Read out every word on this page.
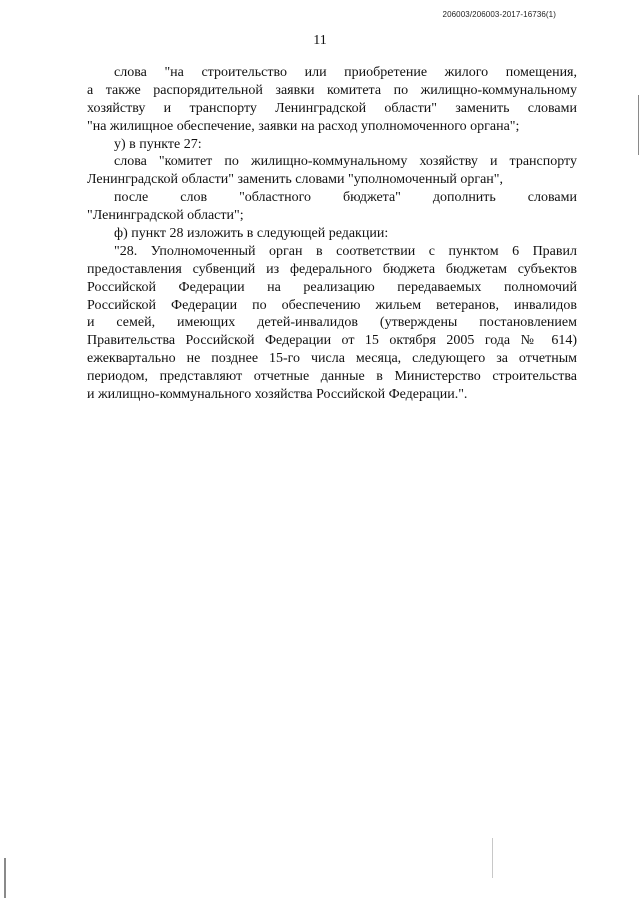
206003/206003-2017-16736(1)
11
слова "на строительство или приобретение жилого помещения,
а также распорядительной заявки комитета по жилищно-коммунальному
хозяйству и транспорту Ленинградской области" заменить словами
"на жилищное обеспечение, заявки на расход уполномоченного органа";
у) в пункте 27:
слова "комитет по жилищно-коммунальному хозяйству и транспорту
Ленинградской области" заменить словами "уполномоченный орган",
после слов "областного бюджета" дополнить словами
"Ленинградской области";
ф) пункт 28 изложить в следующей редакции:
"28. Уполномоченный орган в соответствии с пунктом 6 Правил
предоставления субвенций из федерального бюджета бюджетам субъектов
Российской Федерации на реализацию передаваемых полномочий
Российской Федерации по обеспечению жильем ветеранов, инвалидов
и семей, имеющих детей-инвалидов (утверждены постановлением
Правительства Российской Федерации от 15 октября 2005 года № 614)
ежеквартально не позднее 15-го числа месяца, следующего за отчетным
периодом, представляют отчетные данные в Министерство строительства
и жилищно-коммунального хозяйства Российской Федерации.".
